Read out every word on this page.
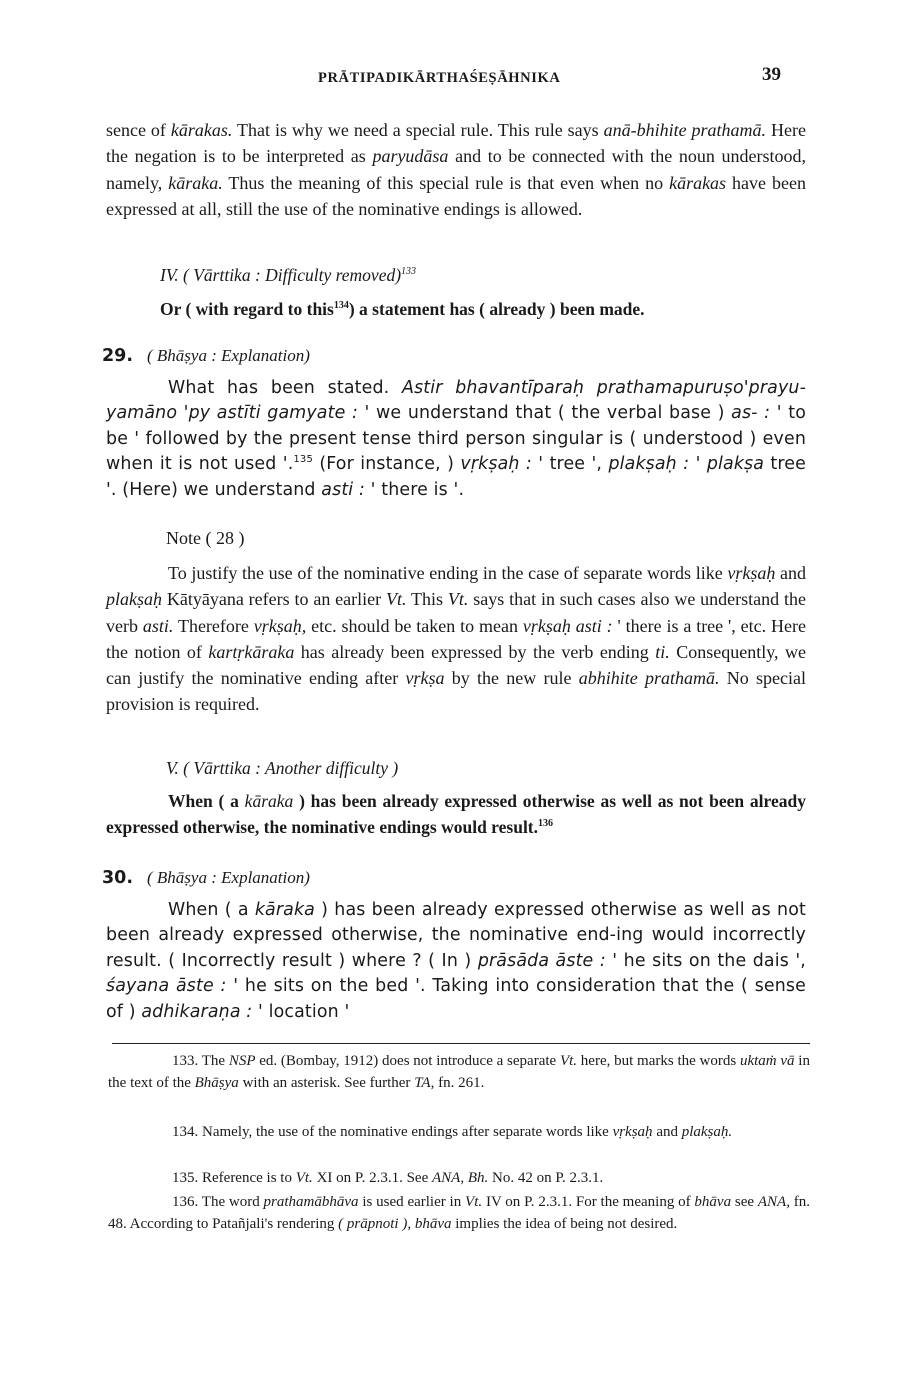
PRĀTIPADIKĀRTHAŚEṢĀHNIKA	39
sence of kārakas. That is why we need a special rule. This rule says anā-bhihite prathamā. Here the negation is to be interpreted as paryudāsa and to be connected with the noun understood, namely, kāraka. Thus the meaning of this special rule is that even when no kārakas have been expressed at all, still the use of the nominative endings is allowed.
IV. ( Vārttika : Difficulty removed)$^{133}$
Or ( with regard to this$^{134}$) a statement has ( already ) been made.
29. ( Bhāṣya : Explanation)
What has been stated. Astir bhavantīparaḥ prathamapuruṣo'prayu-yamāno 'py astīti gamyate : ' we understand that ( the verbal base ) as- : ' to be ' followed by the present tense third person singular is ( understood ) even when it is not used '.$^{135}$ (For instance, ) vṛkṣaḥ : ' tree ', plakṣaḥ : ' plakṣa tree '. (Here) we understand asti : ' there is '.
Note ( 28 )
To justify the use of the nominative ending in the case of separate words like vṛkṣaḥ and plakṣaḥ Kātyāyana refers to an earlier Vt. This Vt. says that in such cases also we understand the verb asti. Therefore vṛkṣaḥ, etc. should be taken to mean vṛkṣaḥ asti : ' there is a tree ', etc. Here the notion of kartṛkāraka has already been expressed by the verb ending ti. Consequently, we can justify the nominative ending after vṛkṣa by the new rule abhihite prathamā. No special provision is required.
V. ( Vārttika : Another difficulty )
When ( a kāraka ) has been already expressed otherwise as well as not been already expressed otherwise, the nominative endings would result.$^{136}$
30. ( Bhāṣya : Explanation)
When ( a kāraka ) has been already expressed otherwise as well as not been already expressed otherwise, the nominative end-ing would incorrectly result. ( Incorrectly result ) where ? ( In ) prāsāda āste : ' he sits on the dais ', śayana āste : ' he sits on the bed '. Taking into consideration that the ( sense of ) adhikaraṇa : ' location '
133. The NSP ed. (Bombay, 1912) does not introduce a separate Vt. here, but marks the words uktaṁ vā in the text of the Bhāṣya with an asterisk. See further TA, fn. 261.
134. Namely, the use of the nominative endings after separate words like vṛkṣaḥ and plakṣaḥ.
135. Reference is to Vt. XI on P. 2.3.1. See ANA, Bh. No. 42 on P. 2.3.1.
136. The word prathamābhāva is used earlier in Vt. IV on P. 2.3.1. For the meaning of bhāva see ANA, fn. 48. According to Patañjali's rendering ( prāpnoti ), bhāva implies the idea of being not desired.
